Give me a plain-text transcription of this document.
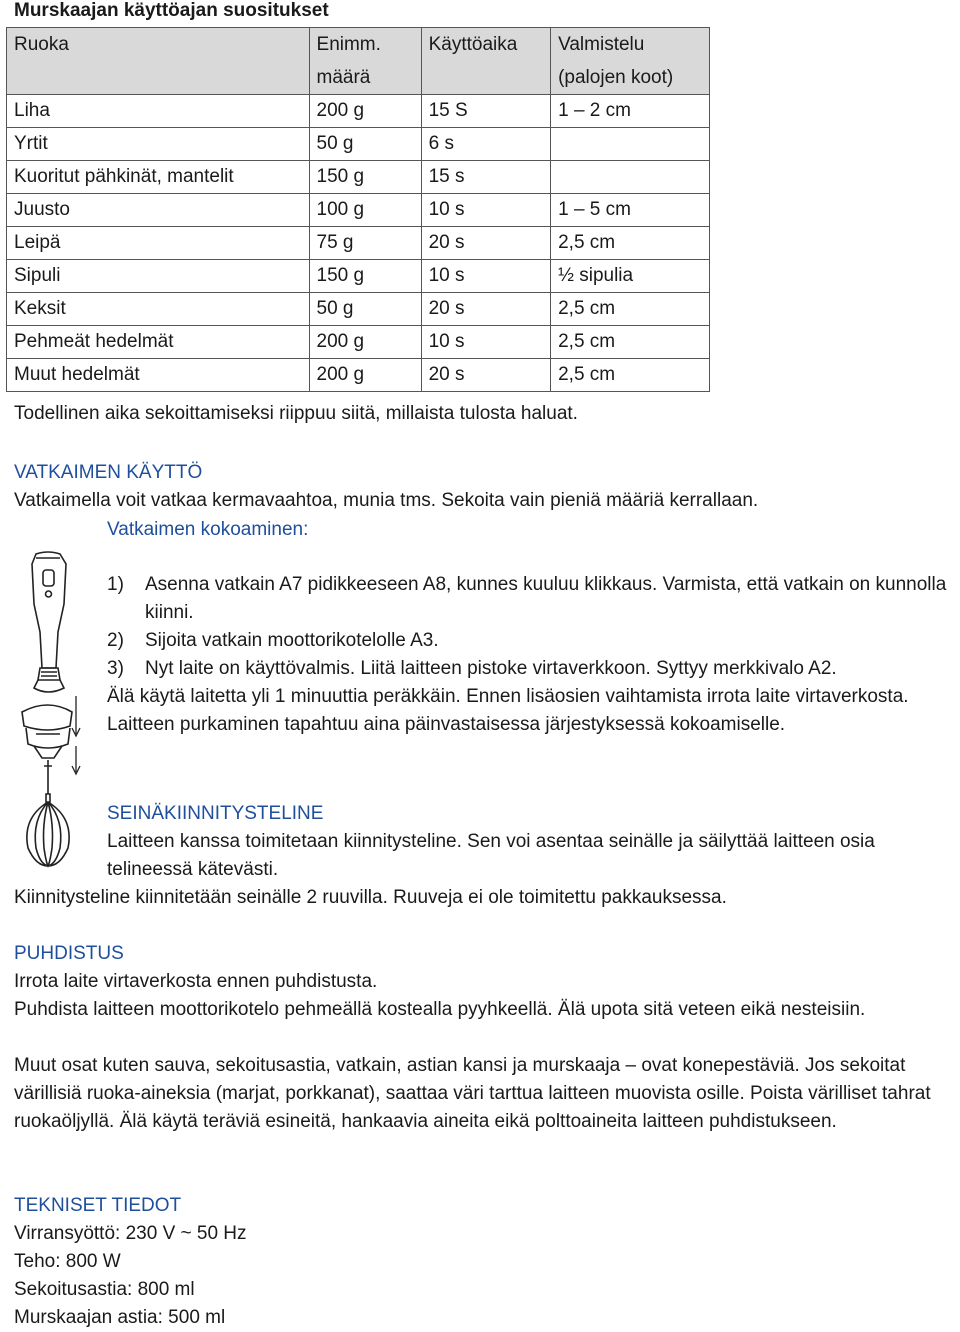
Murskaajan käyttöajan suositukset
Ruoka	Enimm. määrä	Käyttöaika	Valmistelu (palojen koot)
Liha	200 g	15 S	1 – 2 cm
Yrtit	50 g	6 s	
Kuoritut pähkinät, mantelit	150 g	15 s	
Juusto	100 g	10 s	1 – 5 cm
Leipä	75 g	20 s	2,5 cm
Sipuli	150 g	10 s	½ sipulia
Keksit	50 g	20 s	2,5 cm
Pehmeät hedelmät	200 g	10 s	2,5 cm
Muut hedelmät	200 g	20 s	2,5 cm
Todellinen aika sekoittamiseksi riippuu siitä, millaista tulosta haluat.
VATKAIMEN KÄYTTÖ
Vatkaimella voit vatkaa kermavaahtoa, munia tms. Sekoita vain pieniä määriä kerrallaan.
Vatkaimen kokoaminen:
1) Asenna vatkain A7 pidikkeeseen A8, kunnes kuuluu klikkaus. Varmista, että vatkain on kunnolla kiinni.
2) Sijoita vatkain moottorikotelolle A3.
3) Nyt laite on käyttövalmis. Liitä laitteen pistoke virtaverkkoon. Syttyy merkkivalo A2.
Älä käytä laitetta yli 1 minuuttia peräkkäin. Ennen lisäosien vaihtamista irrota laite virtaverkosta. Laitteen purkaminen tapahtuu aina päinvastaisessa järjestyksessä kokoamiselle.
SEINÄKIINNITYSTELINE
Laitteen kanssa toimitetaan kiinnitysteline. Sen voi asentaa seinälle ja säilyttää laitteen osia telineessä kätevästi.
Kiinnitysteline kiinnitetään seinälle 2 ruuvilla. Ruuveja ei ole toimitettu pakkauksessa.
PUHDISTUS
Irrota laite virtaverkosta ennen puhdistusta.
Puhdista laitteen moottorikotelo pehmeällä kostealla pyyhkeellä. Älä upota sitä veteen eikä nesteisiin.
Muut osat kuten sauva, sekoitusastia, vatkain, astian kansi ja murskaaja – ovat konepestäviä. Jos sekoitat värillisiä ruoka-aineksia (marjat, porkkanat), saattaa väri tarttua laitteen muovista osille. Poista värilliset tahrat ruokaöljyllä. Älä käytä teräviä esineitä, hankaavia aineita eikä polttoaineita laitteen puhdistukseen.
TEKNISET TIEDOT
Virransyöttö: 230 V ~ 50 Hz
Teho: 800 W
Sekoitusastia: 800 ml
Murskaajan astia: 500 ml
